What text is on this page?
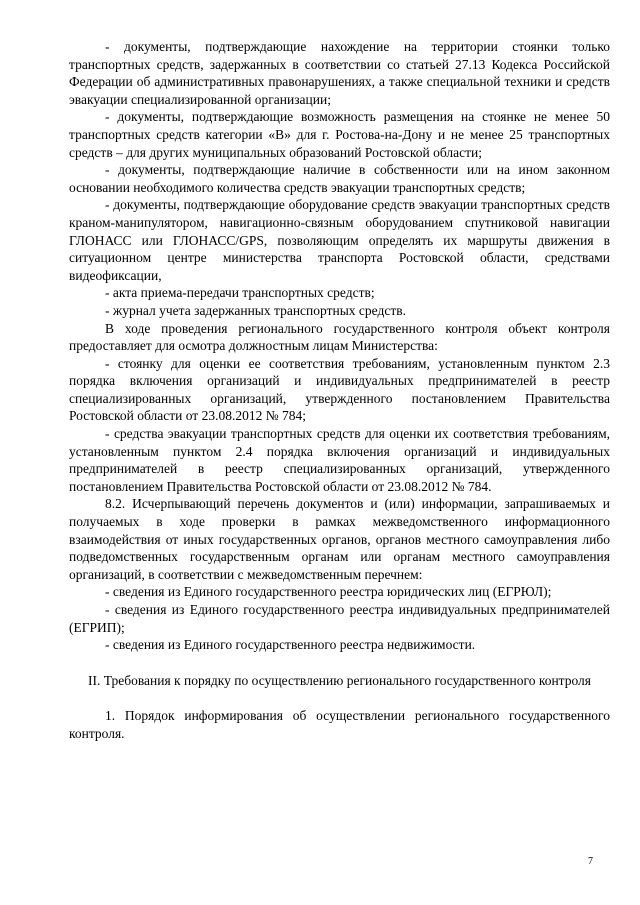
- документы, подтверждающие нахождение на территории стоянки только транспортных средств, задержанных в соответствии со статьей 27.13 Кодекса Российской Федерации об административных правонарушениях, а также специальной техники и средств эвакуации специализированной организации;

- документы, подтверждающие возможность размещения на стоянке не менее 50 транспортных средств категории «В» для г. Ростова-на-Дону и не менее 25 транспортных средств – для других муниципальных образований Ростовской области;

- документы, подтверждающие наличие в собственности или на ином законном основании необходимого количества средств эвакуации транспортных средств;

- документы, подтверждающие оборудование средств эвакуации транспортных средств краном-манипулятором, навигационно-связным оборудованием спутниковой навигации ГЛОНАСС или ГЛОНАСС/GPS, позволяющим определять их маршруты движения в ситуационном центре министерства транспорта Ростовской области, средствами видеофиксации,

- акта приема-передачи транспортных средств;

- журнал учета задержанных транспортных средств.

В ходе проведения регионального государственного контроля объект контроля предоставляет для осмотра должностным лицам Министерства:

- стоянку для оценки ее соответствия требованиям, установленным пунктом 2.3 порядка включения организаций и индивидуальных предпринимателей в реестр специализированных организаций, утвержденного постановлением Правительства Ростовской области от 23.08.2012 № 784;

- средства эвакуации транспортных средств для оценки их соответствия требованиям, установленным пунктом 2.4 порядка включения организаций и индивидуальных предпринимателей в реестр специализированных организаций, утвержденного постановлением Правительства Ростовской области от 23.08.2012 № 784.

8.2. Исчерпывающий перечень документов и (или) информации, запрашиваемых и получаемых в ходе проверки в рамках межведомственного информационного взаимодействия от иных государственных органов, органов местного самоуправления либо подведомственных государственным органам или органам местного самоуправления организаций, в соответствии с межведомственным перечнем:

- сведения из Единого государственного реестра юридических лиц (ЕГРЮЛ);

- сведения из Единого государственного реестра индивидуальных предпринимателей (ЕГРИП);

- сведения из Единого государственного реестра недвижимости.

II. Требования к порядку по осуществлению регионального государственного контроля

1. Порядок информирования об осуществлении регионального государственного контроля.

7
